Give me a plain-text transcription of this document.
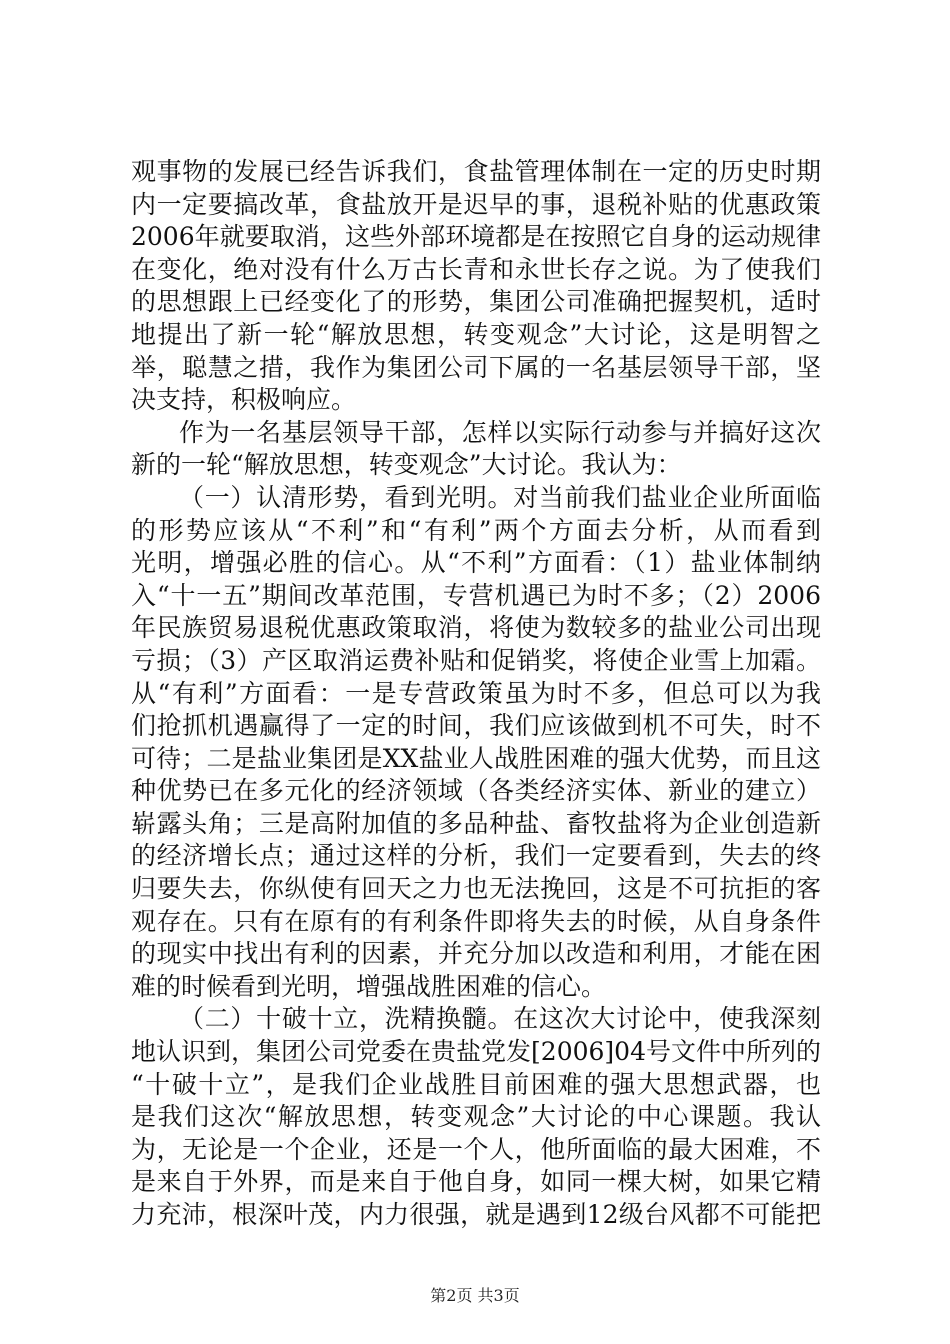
观事物的发展已经告诉我们，食盐管理体制在一定的历史时期
内一定要搞改革，食盐放开是迟早的事，退税补贴的优惠政策
2006年就要取消，这些外部环境都是在按照它自身的运动规律
在变化，绝对没有什么万古长青和永世长存之说。为了使我们
的思想跟上已经变化了的形势，集团公司准确把握契机，适时
地提出了新一轮“解放思想，转变观念”大讨论，这是明智之
举，聪慧之措，我作为集团公司下属的一名基层领导干部，坚
决支持，积极响应。
作为一名基层领导干部，怎样以实际行动参与并搞好这次
新的一轮“解放思想，转变观念”大讨论。我认为：
（一）认清形势，看到光明。对当前我们盐业企业所面临
的形势应该从“不利”和“有利”两个方面去分析，从而看到
光明，增强必胜的信心。从“不利”方面看：（1）盐业体制纳
入“十一五”期间改革范围，专营机遇已为时不多；（2）2006
年民族贸易退税优惠政策取消，将使为数较多的盐业公司出现
亏损；（3）产区取消运费补贴和促销奖，将使企业雪上加霜。
从“有利”方面看：一是专营政策虽为时不多，但总可以为我
们抢抓机遇赢得了一定的时间，我们应该做到机不可失，时不
可待；二是盐业集团是XX盐业人战胜困难的强大优势，而且这
种优势已在多元化的经济领域（各类经济实体、新业的建立）
崭露头角；三是高附加值的多品种盐、畜牧盐将为企业创造新
的经济增长点；通过这样的分析，我们一定要看到，失去的终
归要失去，你纵使有回天之力也无法挽回，这是不可抗拒的客
观存在。只有在原有的有利条件即将失去的时候，从自身条件
的现实中找出有利的因素，并充分加以改造和利用，才能在困
难的时候看到光明，增强战胜困难的信心。
（二）十破十立，洗精换髓。在这次大讨论中，使我深刻
地认识到，集团公司党委在贵盐党发[2006]04号文件中所列的
“十破十立”，是我们企业战胜目前困难的强大思想武器，也
是我们这次“解放思想，转变观念”大讨论的中心课题。我认
为，无论是一个企业，还是一个人，他所面临的最大困难，不
是来自于外界，而是来自于他自身，如同一棵大树，如果它精
力充沛，根深叶茂，内力很强，就是遇到12级台风都不可能把
第2页 共3页
